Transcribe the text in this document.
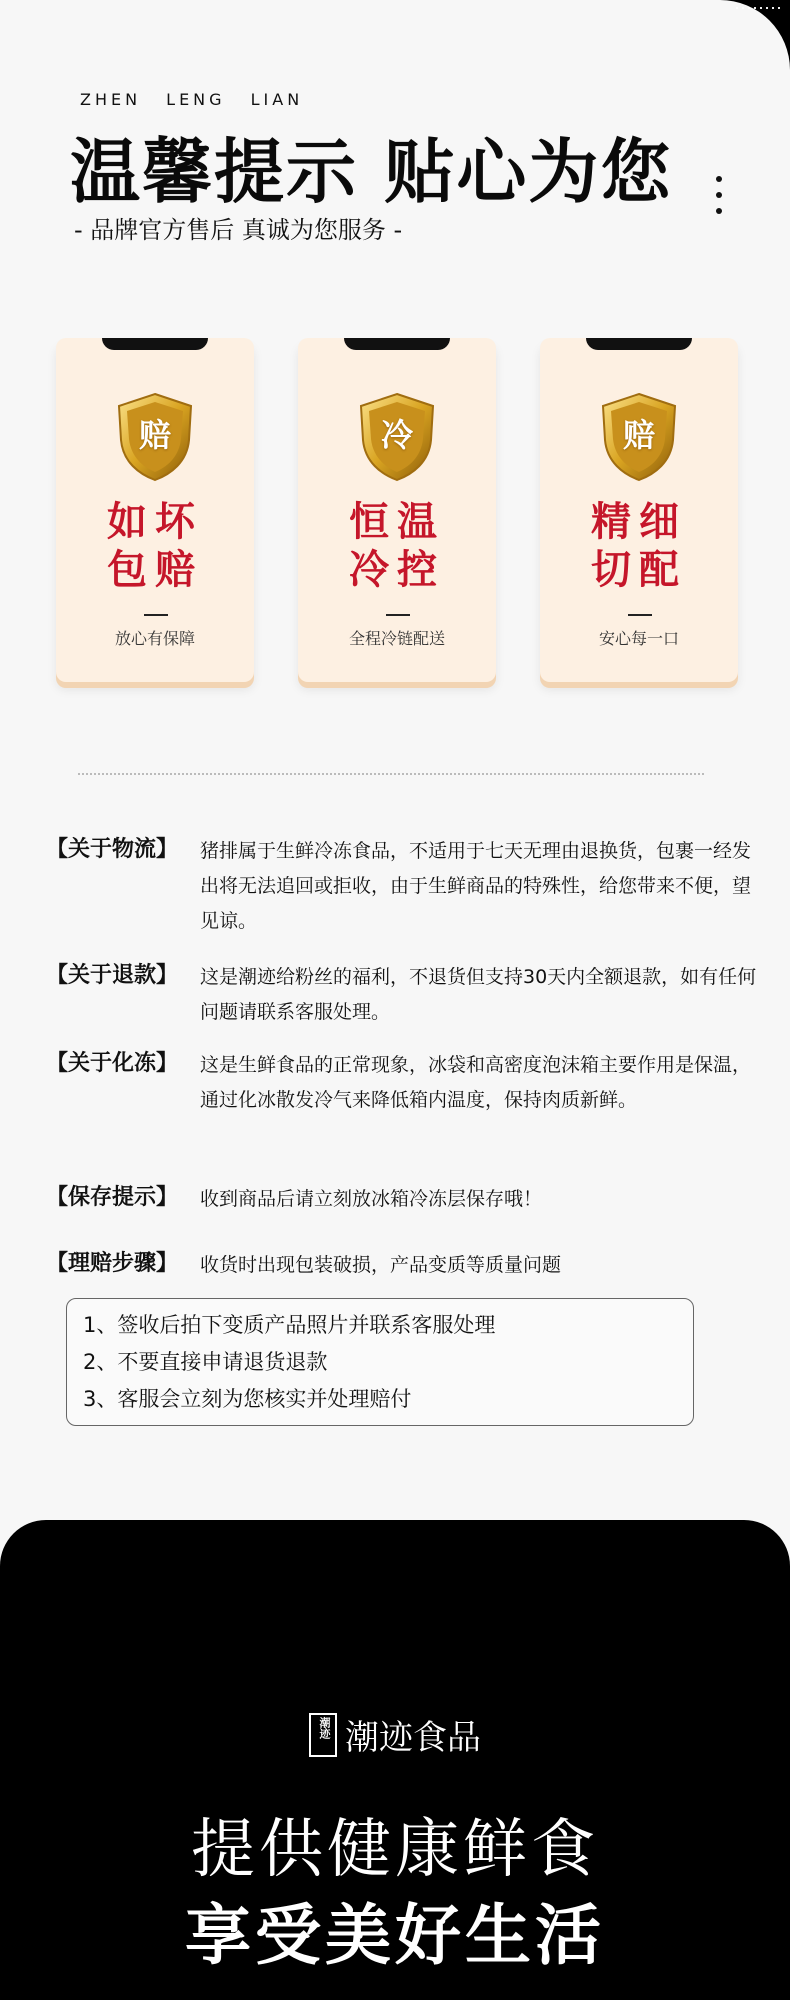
ZHEN LENG LIAN
温馨提示 贴心为您
- 品牌官方售后 真诚为您服务 -
赔
如坏
包赔
放心有保障
冷
恒温
冷控
全程冷链配送
赔
精细
切配
安心每一口
【关于物流】 猪排属于生鲜冷冻食品，不适用于七天无理由退换货，包裹一经发出将无法追回或拒收，由于生鲜商品的特殊性，给您带来不便，望见谅。
【关于退款】 这是潮迹给粉丝的福利，不退货但支持30天内全额退款，如有任何问题请联系客服处理。
【关于化冻】 这是生鲜食品的正常现象，冰袋和高密度泡沫箱主要作用是保温，通过化冰散发冷气来降低箱内温度，保持肉质新鲜。
【保存提示】 收到商品后请立刻放冰箱冷冻层保存哦！
【理赔步骤】 收货时出现包装破损，产品变质等质量问题
1、签收后拍下变质产品照片并联系客服处理
2、不要直接申请退货退款
3、客服会立刻为您核实并处理赔付
潮迹潮迹食品
提供健康鲜食
享受美好生活
